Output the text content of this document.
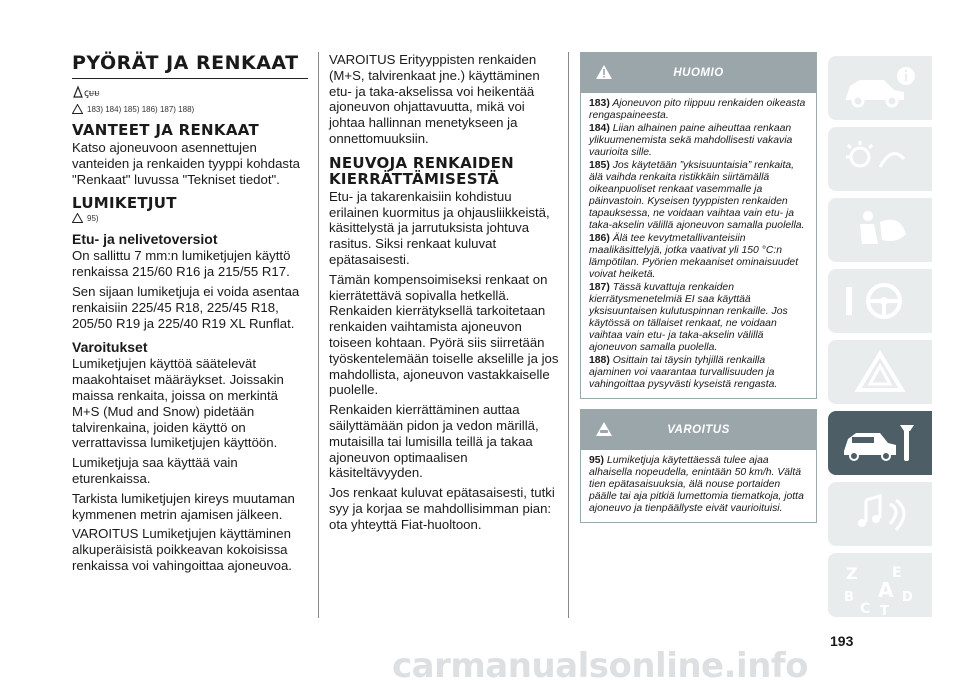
PYÖRÄT JA RENKAAT
ꞔᵾᵾ
183) 184) 185) 186) 187) 188)
VANTEET JA RENKAAT

Katso ajoneuvoon asennettujen vanteiden ja renkaiden tyyppi kohdasta "Renkaat" luvussa "Tekniset tiedot".

LUMIKETJUT
95)
Etu- ja nelivetoversiot

On sallittu 7 mm:n lumiketjujen käyttö renkaissa 215/60 R16 ja 215/55 R17.

Sen sijaan lumiketjuja ei voida asentaa renkaisiin 225/45 R18, 225/45 R18, 205/50 R19 ja 225/40 R19 XL Runflat.

Varoitukset

Lumiketjujen käyttöä säätelevät maakohtaiset määräykset. Joissakin maissa renkaita, joissa on merkintä M+S (Mud and Snow) pidetään talvirenkaina, joiden käyttö on verrattavissa lumiketjujen käyttöön.

Lumiketjuja saa käyttää vain eturenkaissa.

Tarkista lumiketjujen kireys muutaman kymmenen metrin ajamisen jälkeen.

VAROITUS Lumiketjujen käyttäminen alkuperäisistä poikkeavan kokoisissa renkaissa voi vahingoittaa ajoneuvoa.

VAROITUS Erityyppisten renkaiden (M+S, talvirenkaat jne.) käyttäminen etu- ja taka-akselissa voi heikentää ajoneuvon ohjattavuutta, mikä voi johtaa hallinnan menetykseen ja onnettomuuksiin.

NEUVOJA RENKAIDEN KIERRÄTTÄMISESTÄ

Etu- ja takarenkaisiin kohdistuu erilainen kuormitus ja ohjausliikkeistä, käsittelystä ja jarrutuksista johtuva rasitus. Siksi renkaat kuluvat epätasaisesti.

Tämän kompensoimiseksi renkaat on kierrätettävä sopivalla hetkellä. Renkaiden kierrätyksellä tarkoitetaan renkaiden vaihtamista ajoneuvon toiseen kohtaan. Pyörä siis siirretään työskentelemään toiselle akselille ja jos mahdollista, ajoneuvon vastakkaiselle puolelle.

Renkaiden kierrättäminen auttaa säilyttämään pidon ja vedon märillä, mutaisilla tai lumisilla teillä ja takaa ajoneuvon optimaalisen käsiteltävyyden.

Jos renkaat kuluvat epätasaisesti, tutki syy ja korjaa se mahdollisimman pian: ota yhteyttä Fiat-huoltoon.

HUOMIO

183) Ajoneuvon pito riippuu renkaiden oikeasta rengaspaineesta.

184) Liian alhainen paine aiheuttaa renkaan ylikuumenemista sekä mahdollisesti vakavia vaurioita sille.

185) Jos käytetään ”yksisuuntaisia” renkaita, älä vaihda renkaita ristikkäin siirtämällä oikeanpuoliset renkaat vasemmalle ja päinvastoin. Kyseisen tyyppisten renkaiden tapauksessa, ne voidaan vaihtaa vain etu- ja taka-akselin välillä ajoneuvon samalla puolella.

186) Älä tee kevytmetallivanteisiin maalikäsittelyjä, jotka vaativat yli 150 °C:n lämpötilan. Pyörien mekaaniset ominaisuudet voivat heiketä.

187) Tässä kuvattuja renkaiden kierrätysmenetelmiä EI saa käyttää yksisuuntaisen kulutuspinnan renkaille. Jos käytössä on tällaiset renkaat, ne voidaan vaihtaa vain etu- ja taka-akselin välillä ajoneuvon samalla puolella.

188) Osittain tai täysin tyhjillä renkailla ajaminen voi vaarantaa turvallisuuden ja vahingoittaa pysyvästi kyseistä rengasta.

VAROITUS

95) Lumiketjuja käytettäessä tulee ajaa alhaisella nopeudella, enintään 50 km/h. Vältä tien epätasaisuuksia, älä nouse portaiden päälle tai aja pitkiä lumettomia tiematkoja, jotta ajoneuvo ja tienpäällyste eivät vaurioituisi.

Z E
B A
C
D
T
193
carmanualsonline.info
